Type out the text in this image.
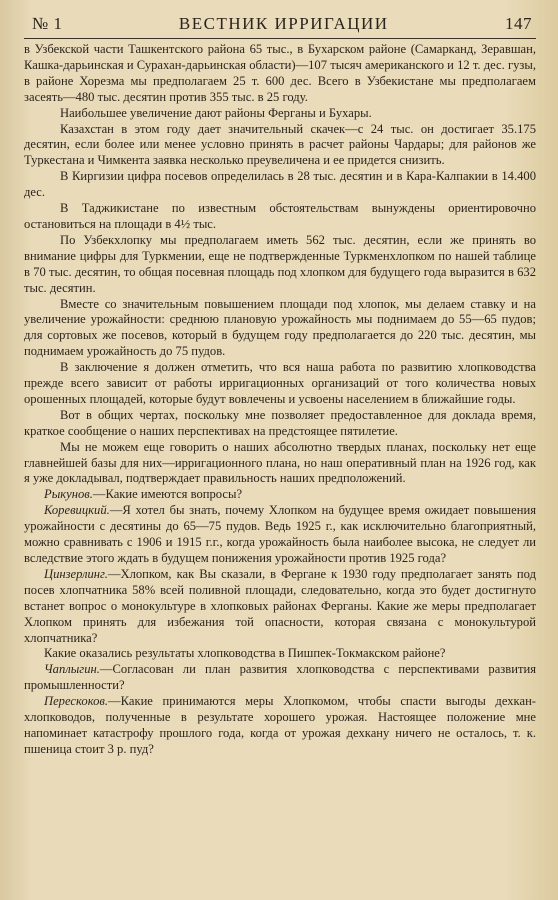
№ 1	ВЕСТНИК ИРРИГАЦИИ	147

в Узбекской части Ташкентского района 65 тыс., в Бухарском районе (Самарканд, Зеравшан, Кашка-дарьинская и Сурахан-дарьинская области)—107 тысяч американского и 12 т. дес. гузы, в районе Хорезма мы предполагаем 25 т. 600 дес. Всего в Узбекистане мы предполагаем засеять—480 тыс. десятин против 355 тыс. в 25 году.

Наибольшее увеличение дают районы Ферганы и Бухары.

Казахстан в этом году дает значительный скачек—с 24 тыс. он достигает 35.175 десятин, если более или менее условно принять в расчет районы Чардары; для районов же Туркестана и Чимкента заявка несколько преувеличена и ее придется снизить.

В Киргизии цифра посевов определилась в 28 тыс. десятин и в Кара-Калпакии в 14.400 дес.

В Таджикистане по известным обстоятельствам вынуждены ориентировочно остановиться на площади в 4½ тыс.

По Узбекхлопку мы предполагаем иметь 562 тыс. десятин, если же принять во внимание цифры для Туркмении, еще не подтвержденные Туркменхлопком по нашей таблице в 70 тыс. десятин, то общая посевная площадь под хлопком для будущего года выразится в 632 тыс. десятин.

Вместе со значительным повышением площади под хлопок, мы делаем ставку и на увеличение урожайности: среднюю плановую урожайность мы поднимаем до 55—65 пудов; для сортовых же посевов, который в будущем году предполагается до 220 тыс. десятин, мы поднимаем урожайность до 75 пудов.

В заключение я должен отметить, что вся наша работа по развитию хлопководства прежде всего зависит от работы ирригационных организаций от того количества новых орошенных площадей, которые будут вовлечены и усвоены населением в ближайшие годы.

Вот в общих чертах, поскольку мне позволяет предоставленное для доклада время, краткое сообщение о наших перспективах на предстоящее пятилетие.

Мы не можем еще говорить о наших абсолютно твердых планах, поскольку нет еще главнейшей базы для них—ирригационного плана, но наш оперативный план на 1926 год, как я уже докладывал, подтверждает правильность наших предположений.

Рыкунов.—Какие имеются вопросы?

Коревицкий.—Я хотел бы знать, почему Хлопком на будущее время ожидает повышения урожайности с десятины до 65—75 пудов. Ведь 1925 г., как исключительно благоприятный, можно сравнивать с 1906 и 1915 г.г., когда урожайность была наиболее высока, не следует ли вследствие этого ждать в будущем понижения урожайности против 1925 года?

Цинзерлинг.—Хлопком, как Вы сказали, в Фергане к 1930 году предполагает занять под посев хлопчатника 58% всей поливной площади, следовательно, когда это будет достигнуто встанет вопрос о монокультуре в хлопковых районах Ферганы. Какие же меры предполагает Хлопком принять для избежания той опасности, которая связана с монокультурой хлопчатника?

Какие оказались результаты хлопководства в Пишпек-Токмакском районе?

Чаплыгин.—Согласован ли план развития хлопководства с перспективами развития промышленности?

Перескоков.—Какие принимаются меры Хлопкомом, чтобы спасти выгоды дехкан-хлопководов, полученные в результате хорошего урожая. Настоящее положение мне напоминает катастрофу прошлого года, когда от урожая дехкану ничего не осталось, т. к. пшеница стоит 3 р. пуд?
